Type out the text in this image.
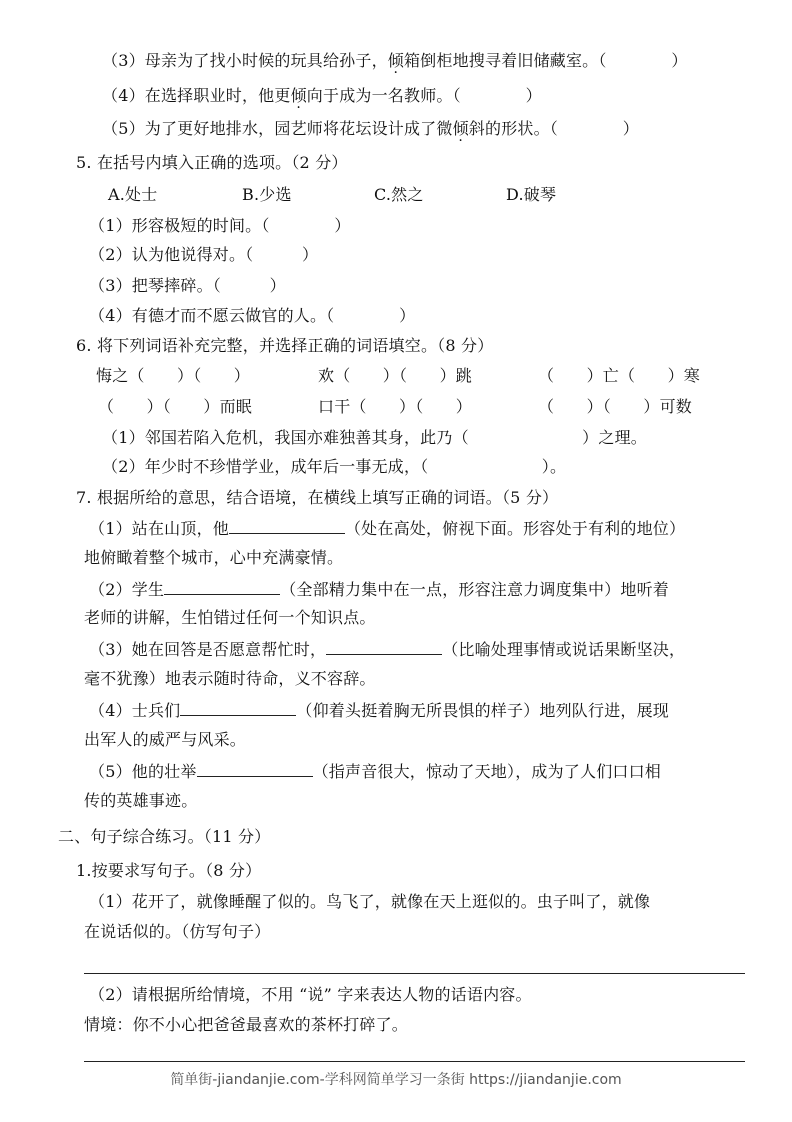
（3）母亲为了找小时候的玩具给孙子，倾箱倒柜地搜寻着旧储藏室。（　　　　）
（4）在选择职业时，他更倾向于成为一名教师。（　　　　）
（5）为了更好地排水，园艺师将花坛设计成了微倾斜的形状。（　　　　）
5. 在括号内填入正确的选项。（2 分）
A.处士	B.少选	C.然之	D.破琴
（1）形容极短的时间。（　　　　）
（2）认为他说得对。（　　　）
（3）把琴摔碎。（　　　）
（4）有德才而不愿云做官的人。（　　　　）
6. 将下列词语补充完整，并选择正确的词语填空。（8 分）
悔之（　　）（　　）	欢（　　）（　　）跳	（　　）亡（　　）寒
（　　）（　　）而眠	口干（　　）（　　）	（　　）（　　）可数
（1）邻国若陷入危机，我国亦难独善其身，此乃（　　　　　　　）之理。
（2）年少时不珍惜学业，成年后一事无成，（　　　　　　　）。
7. 根据所给的意思，结合语境，在横线上填写正确的词语。（5 分）
（1）站在山顶，他	（处在高处，俯视下面。形容处于有利的地位）
地俯瞰着整个城市，心中充满豪情。
（2）学生	（全部精力集中在一点，形容注意力调度集中）地听着
老师的讲解，生怕错过任何一个知识点。
（3）她在回答是否愿意帮忙时，	（比喻处理事情或说话果断坚决，
毫不犹豫）地表示随时待命，义不容辞。
（4）士兵们	（仰着头挺着胸无所畏惧的样子）地列队行进，展现
出军人的威严与风采。
（5）他的壮举	（指声音很大，惊动了天地），成为了人们口口相
传的英雄事迹。
二、句子综合练习。（11 分）
1.按要求写句子。（8 分）
（1）花开了，就像睡醒了似的。鸟飞了，就像在天上逛似的。虫子叫了，就像
在说话似的。（仿写句子）
（2）请根据所给情境，不用 “说” 字来表达人物的话语内容。
情境：你不小心把爸爸最喜欢的茶杯打碎了。
简单街-jiandanjie.com-学科网简单学习一条街 https://jiandanjie.com
